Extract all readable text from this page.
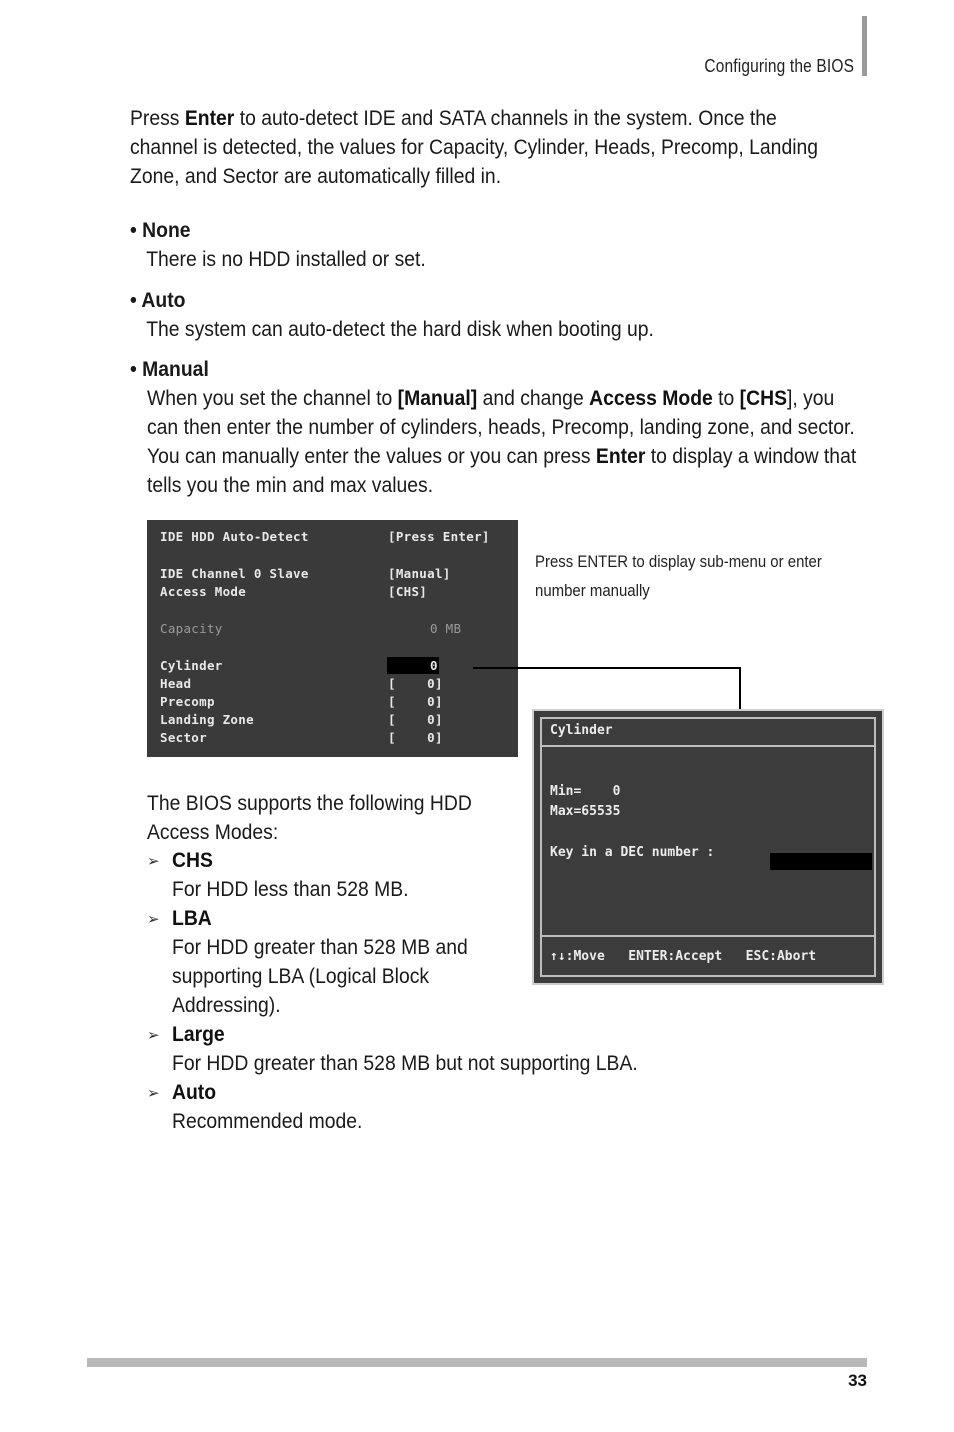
Configuring the BIOS

Press Enter to auto-detect IDE and SATA channels in the system. Once the channel is detected, the values for Capacity, Cylinder, Heads, Precomp, Landing Zone, and Sector are automatically filled in.

• None
There is no HDD installed or set.

• Auto
The system can auto-detect the hard disk when booting up.

• Manual

When you set the channel to [Manual] and change Access Mode to [CHS], you can then enter the number of cylinders, heads, Precomp, landing zone, and sector. You can manually enter the values or you can press Enter to display a window that tells you the min and max values.

IDE HDD Auto-Detect	[Press Enter]
IDE Channel 0 Slave	[Manual]
Access Mode	[CHS]
Capacity	0 MB
Cylinder	0
Head	[    0]
Precomp	[    0]
Landing Zone	[    0]
Sector	[    0]
Press ENTER to display sub-menu or enter number manually
Cylinder
Min=    0
Max=65535
Key in a DEC number :
↑↓:Move   ENTER:Accept   ESC:Abort

The BIOS supports the following HDD Access Modes:

➢ CHS
For HDD less than 528 MB.

➢ LBA
For HDD greater than 528 MB and supporting LBA (Logical Block Addressing).

➢ Large
For HDD greater than 528 MB but not supporting LBA.

➢ Auto
Recommended mode.

33
